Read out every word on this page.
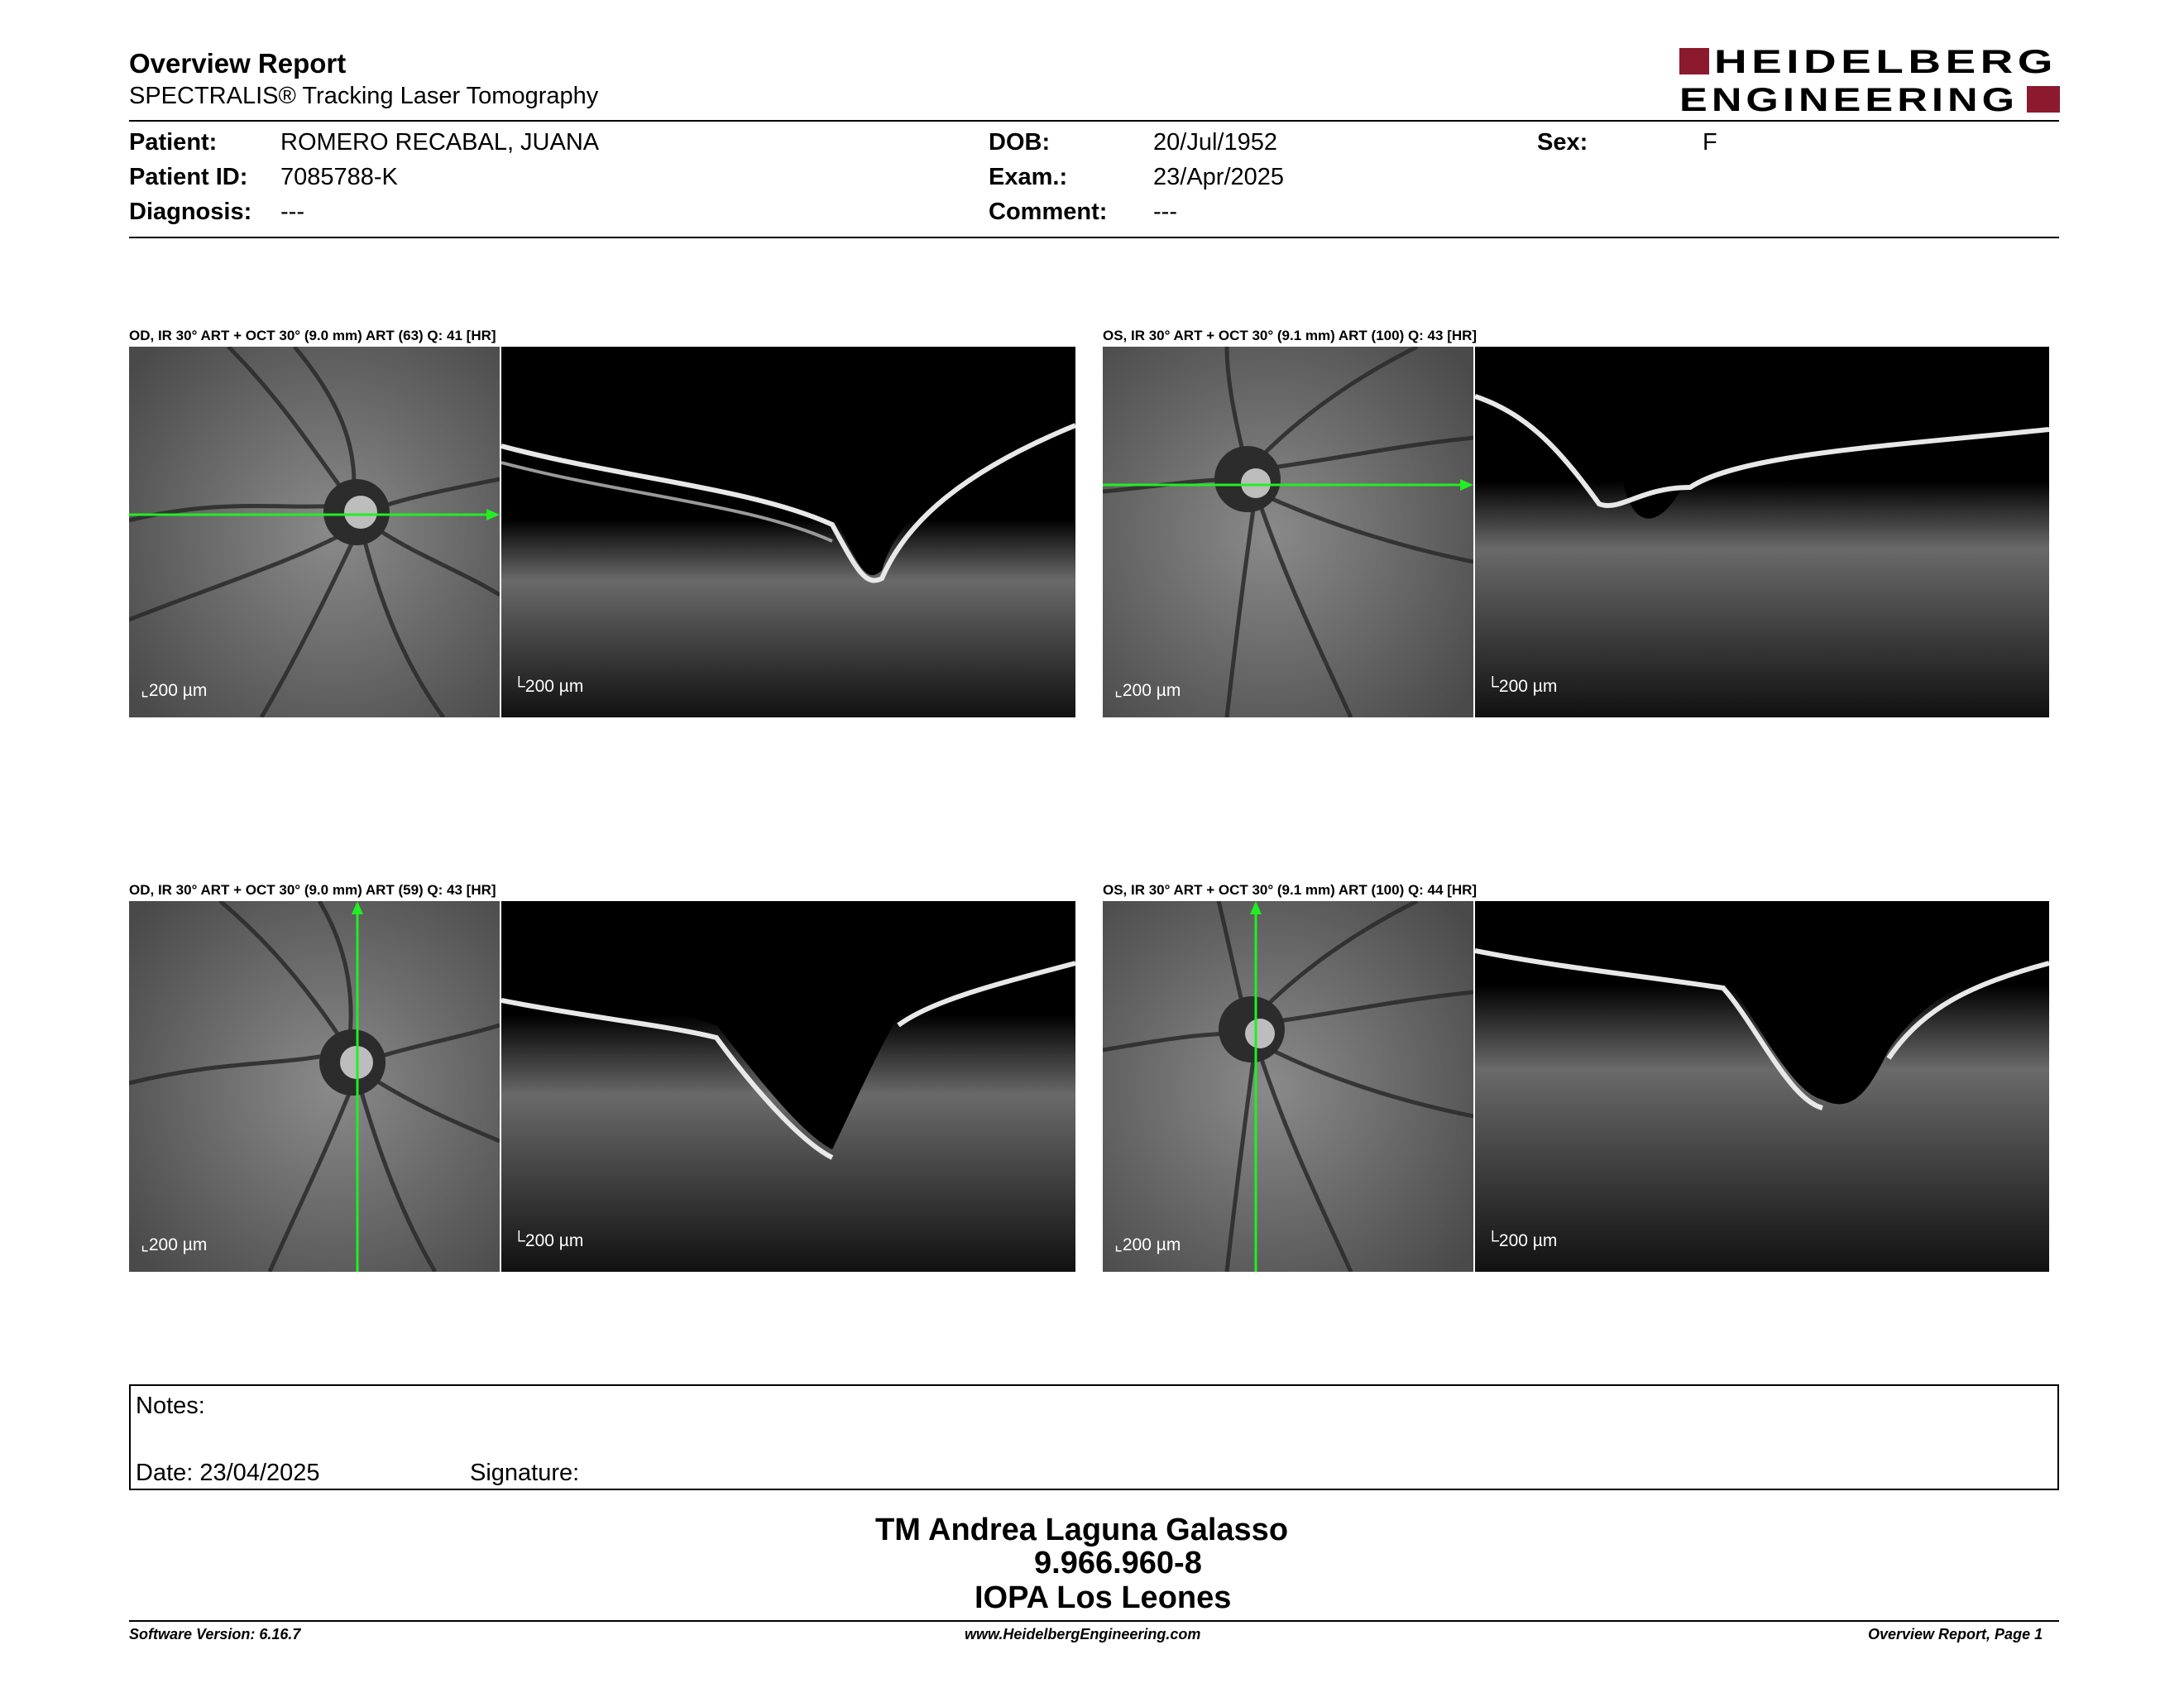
Overview Report
SPECTRALIS® Tracking Laser Tomography
HEIDELBERG
ENGINEERING
Patient:	ROMERO RECABAL, JUANA
Patient ID: 7085788-K
Diagnosis: ---
DOB:	20/Jul/1952
Exam.:	23/Apr/2025
Comment: ---
Sex:	F
OD, IR 30° ART + OCT 30° (9.0 mm) ART (63) Q: 41 [HR]
⌞200 µm	└200 µm
OS, IR 30° ART + OCT 30° (9.1 mm) ART (100) Q: 43 [HR]
⌞200 µm	└200 µm
OD, IR 30° ART + OCT 30° (9.0 mm) ART (59) Q: 43 [HR]
⌞200 µm	└200 µm
OS, IR 30° ART + OCT 30° (9.1 mm) ART (100) Q: 44 [HR]
⌞200 µm	└200 µm
Notes:
Date: 23/04/2025	Signature:
TM Andrea Laguna Galasso
9.966.960-8
IOPA Los Leones
Software Version: 6.16.7	www.HeidelbergEngineering.com	Overview Report, Page 1
